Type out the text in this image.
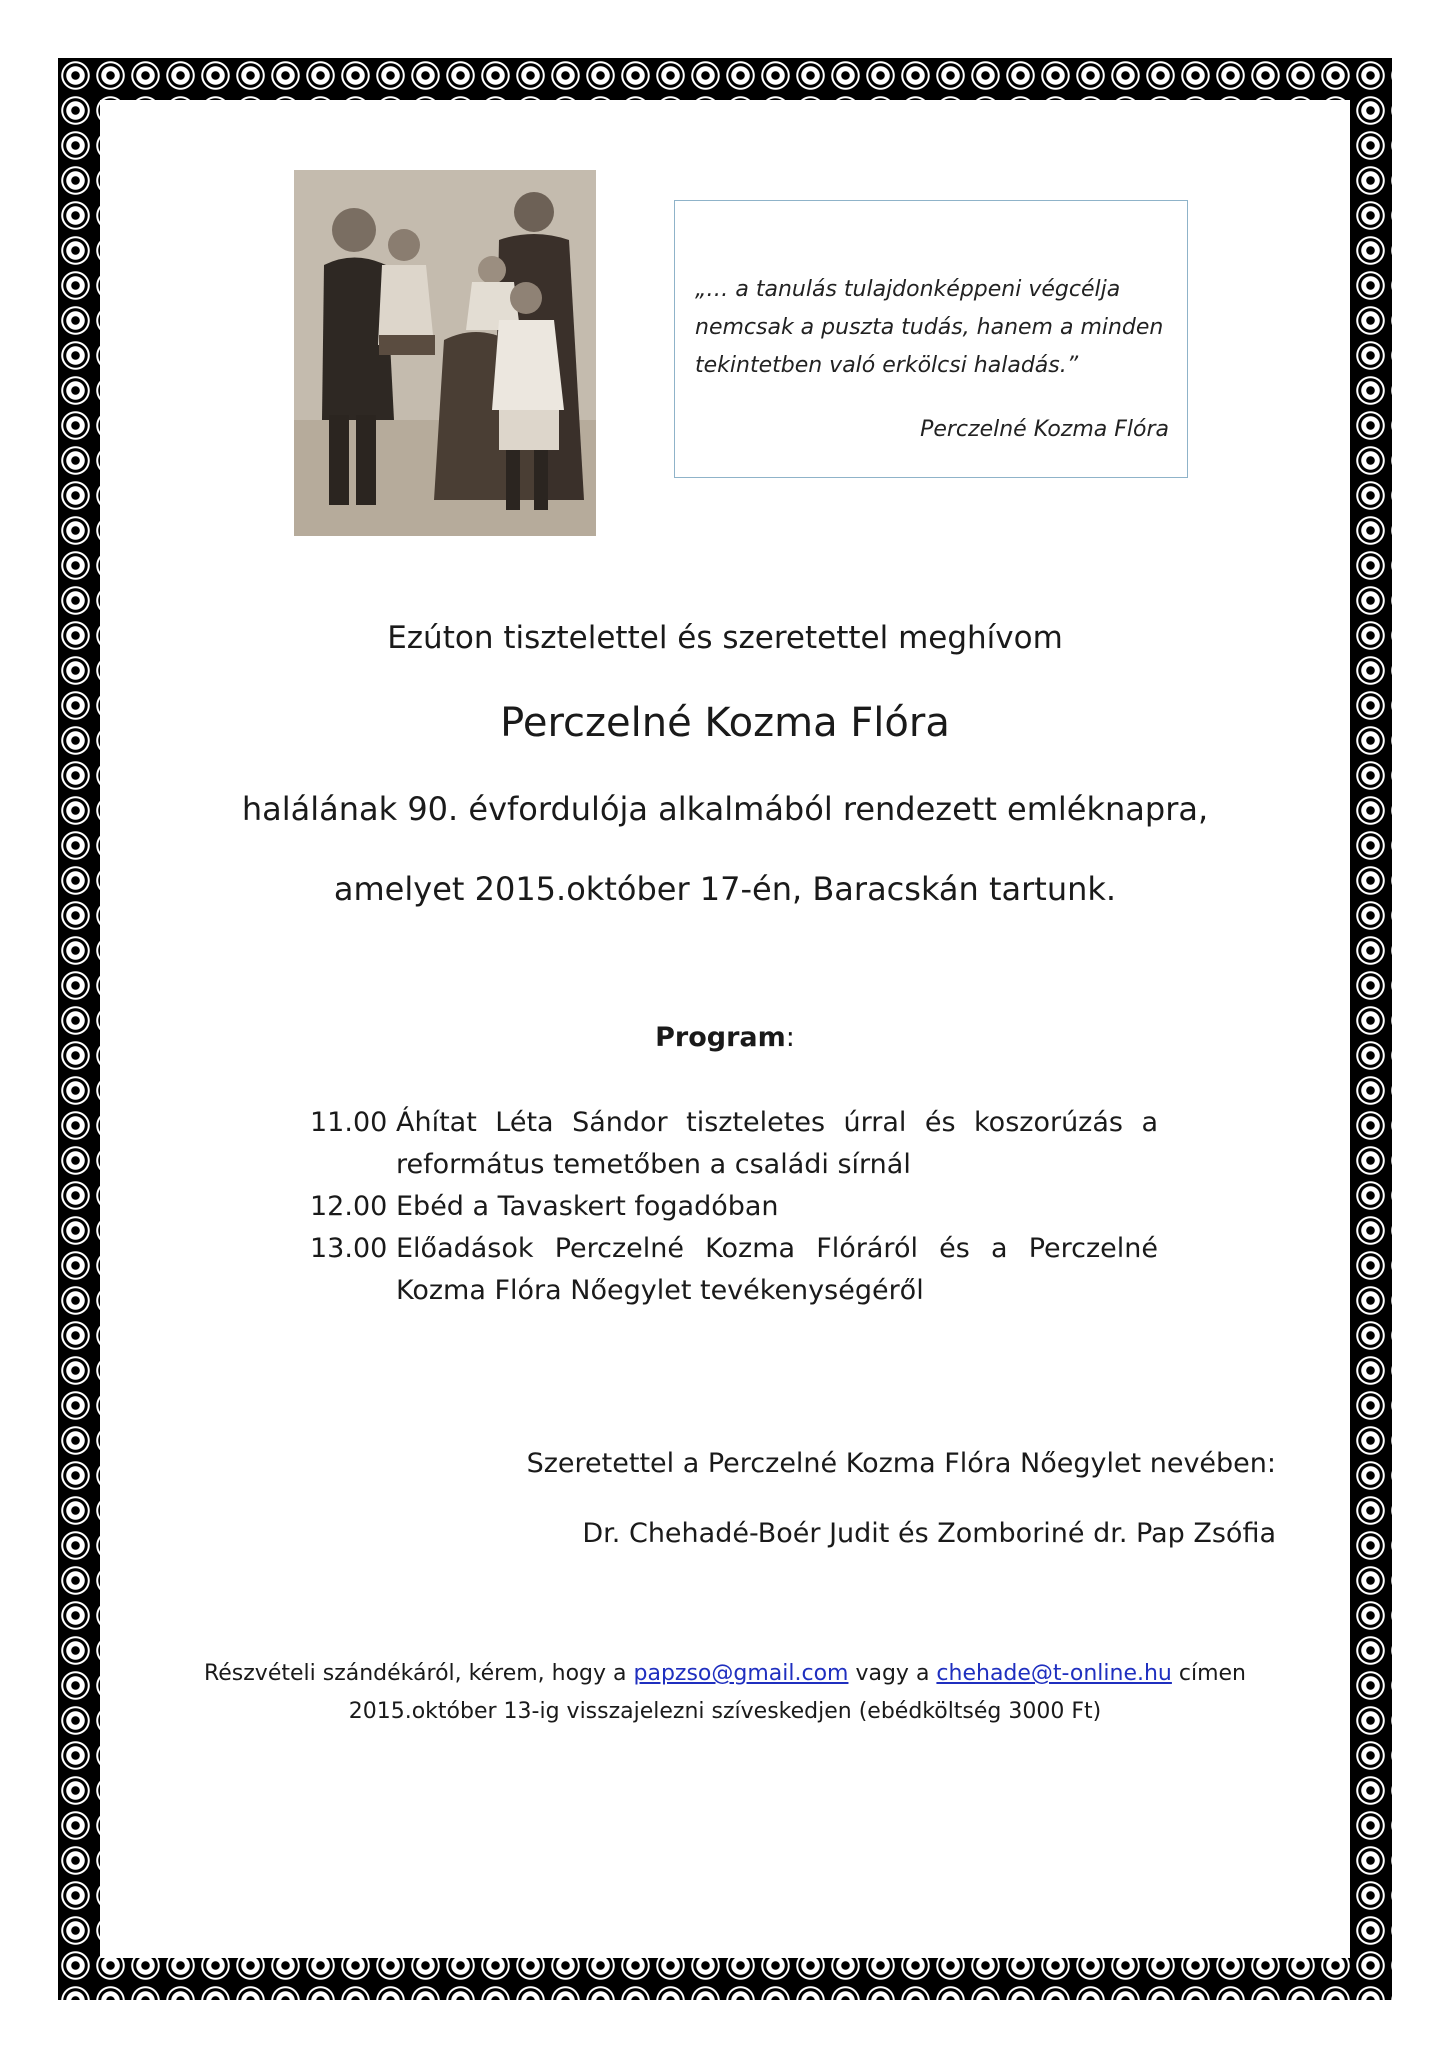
„… a tanulás tulajdonképpeni végcélja
nemcsak a puszta tudás, hanem a minden
tekintetben való erkölcsi haladás.”
Perczelné Kozma Flóra
Ezúton tisztelettel és szeretettel meghívom
Perczelné Kozma Flóra
halálának 90. évfordulója alkalmából rendezett emléknapra,
amelyet 2015.október 17-én, Baracskán tartunk.
Program:
11.00 Áhítat Léta Sándor tiszteletes úrral és koszorúzás a
református temetőben a családi sírnál
12.00 Ebéd a Tavaskert fogadóban
13.00 Előadások Perczelné Kozma Flóráról és a Perczelné
Kozma Flóra Nőegylet tevékenységéről
Szeretettel a Perczelné Kozma Flóra Nőegylet nevében:
Dr. Chehadé-Boér Judit és Zomboriné dr. Pap Zsófia
Részvételi szándékáról, kérem, hogy a papzso@gmail.com vagy a chehade@t-online.hu címen
2015.október 13-ig visszajelezni szíveskedjen (ebédköltség 3000 Ft)
